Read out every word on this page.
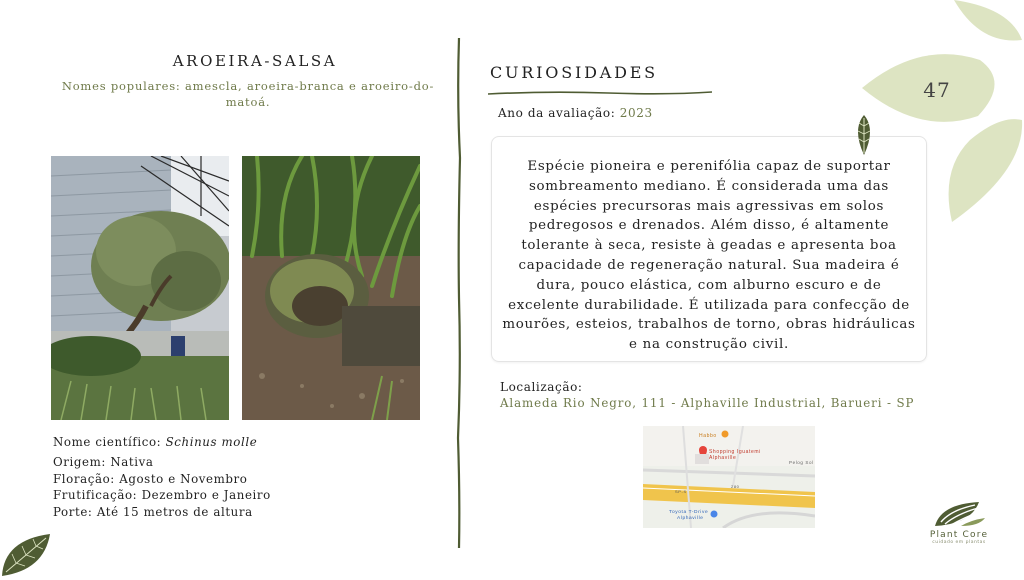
AROEIRA-SALSA
Nomes populares: amescla, aroeira-branca e aroeiro-do-matoá.
Nome científico: Schinus molle
Origem: Nativa
Floração: Agosto e Novembro
Frutificação: Dezembro e Janeiro
Porte: Até 15 metros de altura
CURIOSIDADES
Ano da avaliação: 2023
Espécie pioneira e perenifólia capaz de suportar sombreamento mediano. É considerada uma das espécies precursoras mais agressivas em solos pedregosos e drenados. Além disso, é altamente tolerante à seca, resiste à geadas e apresenta boa capacidade de regeneração natural. Sua madeira é dura, pouco elástica, com alburno escuro e de excelente durabilidade. É utilizada para confecção de mourões, esteios, trabalhos de torno, obras hidráulicas e na construção civil.
Localização:
Alameda Rio Negro, 111 - Alphaville Industrial, Barueri - SP
Habbo
Shopping Iguatemi
Alphaville
Pelog Sol
SP-S
280
Toyota T-Drive
Alphaville
47
Plant Core
cuidado em plantas
